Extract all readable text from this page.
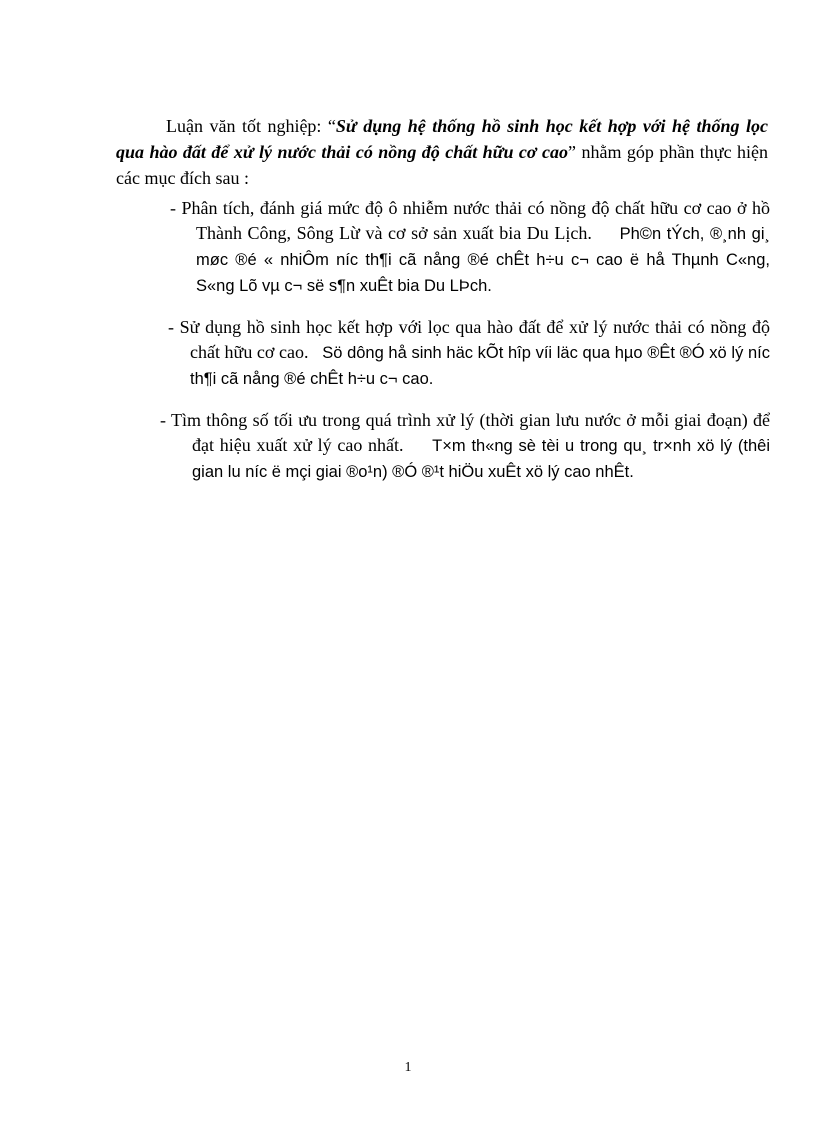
Luận văn tốt nghiệp: “Sử dụng hệ thống hồ sinh học kết hợp với hệ thống lọc qua hào đất để xử lý nước thải có nồng độ chất hữu cơ cao” nhằm góp phần thực hiện các mục đích sau :

- Phân tích, đánh giá mức độ ô nhiễm nước thải có nồng độ chất hữu cơ cao ở hồ Thành Công, Sông Lừ và cơ sở sản xuất bia Du Lịch. Ph©n tÝch, ®¸nh gi¸ møc ®é « nhiÔm níc th¶i cã nång ®é chÊt h÷u c¬ cao ë hå Thµnh C«ng, S«ng Lõ vµ c¬ së s¶n xuÊt bia Du LÞch.
- Sử dụng hồ sinh học kết hợp với lọc qua hào đất để xử lý nước thải có nồng độ chất hữu cơ cao. Sö dông hå sinh häc kÕt hîp víi läc qua hµo ®Êt ®Ó xö lý níc th¶i cã nång ®é chÊt h÷u c¬ cao.
- Tìm thông số tối ưu trong quá trình xử lý (thời gian lưu nước ở mỗi giai đoạn) để đạt hiệu xuất xử lý cao nhất. T×m th«ng sè tèi u trong qu¸ tr×nh xö lý (thêi gian lu níc ë mçi giai ®o¹n) ®Ó ®¹t hiÖu xuÊt xö lý cao nhÊt.
1
